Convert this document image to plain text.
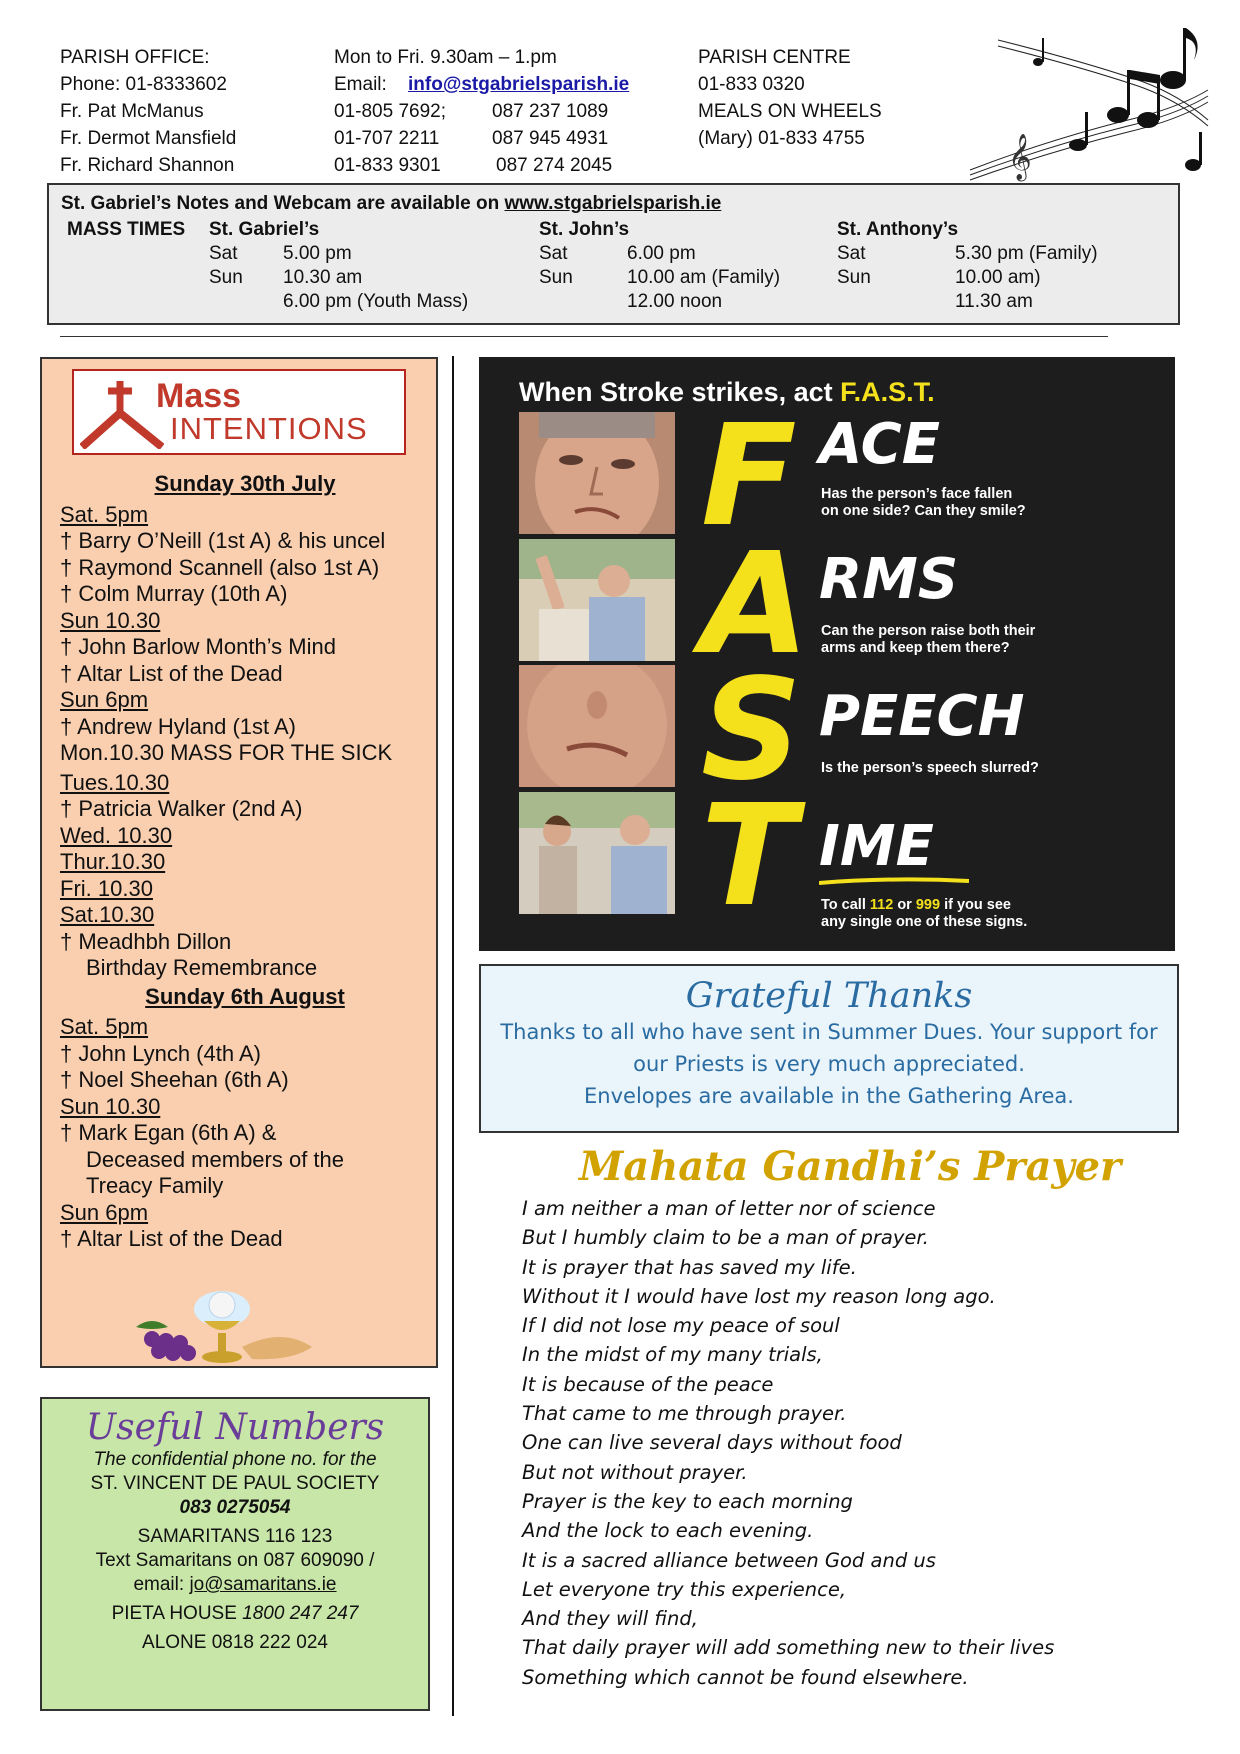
PARISH OFFICE:
Phone: 01-8333602
Fr. Pat McManus
Fr. Dermot Mansfield
Fr. Richard Shannon
Mon to Fri. 9.30am – 1.pm
Email: info@stgabrielsparish.ie
01-805 7692; 087 237 1089
01-707 2211	087 945 4931
01-833 9301	087 274 2045
PARISH CENTRE
01-833 0320
MEALS ON WHEELS
(Mary) 01-833 4755	𝄞
St. Gabriel’s Notes and Webcam are available on www.stgabrielsparish.ie
MASS TIMES St. Gabriel’s
Sat 5.00 pm
Sun 10.30 am
6.00 pm (Youth Mass)
St. John’s
Sat	6.00 pm
Sun	10.00 am (Family)
12.00 noon
St. Anthony’s
Sat	5.30 pm (Family)
Sun	10.00 am)
11.30 am
Mass
INTENTIONS
Sunday 30th July
Sat. 5pm
† Barry O’Neill (1st A) & his uncel
† Raymond Scannell (also 1st A)
† Colm Murray (10th A)
Sun 10.30
† John Barlow Month’s Mind
† Altar List of the Dead
Sun 6pm
† Andrew Hyland (1st A)
Mon.10.30 MASS FOR THE SICK
Tues.10.30
† Patricia Walker (2nd A)
Wed. 10.30
Thur.10.30
Fri. 10.30
Sat.10.30
† Meadhbh Dillon
Birthday Remembrance
Sunday 6th August
Sat. 5pm
† John Lynch (4th A)
† Noel Sheehan (6th A)
Sun 10.30
† Mark Egan (6th A) &
Deceased members of the
Treacy Family
Sun 6pm
† Altar List of the Dead
Useful Numbers
The confidential phone no. for the
ST. VINCENT DE PAUL SOCIETY
083 0275054
SAMARITANS 116 123
Text Samaritans on 087 609090 /
email: jo@samaritans.ie
PIETA HOUSE 1800 247 247
ALONE 0818 222 024
When Stroke strikes, act F.A.S.T.
F
A
S
T
ACE
Has the person’s face fallen
on one side? Can they smile?
RMS
Can the person raise both their
arms and keep them there?
PEECH
Is the person’s speech slurred?
IME
To call 112 or 999 if you see
any single one of these signs.
Grateful Thanks
Thanks to all who have sent in Summer Dues. Your support for
our Priests is very much appreciated.
Envelopes are available in the Gathering Area.
Mahata Gandhi’s Prayer
I am neither a man of letter nor of science
But I humbly claim to be a man of prayer.
It is prayer that has saved my life.
Without it I would have lost my reason long ago.
If I did not lose my peace of soul
In the midst of my many trials,
It is because of the peace
That came to me through prayer.
One can live several days without food
But not without prayer.
Prayer is the key to each morning
And the lock to each evening.
It is a sacred alliance between God and us
Let everyone try this experience,
And they will find,
That daily prayer will add something new to their lives
Something which cannot be found elsewhere.
